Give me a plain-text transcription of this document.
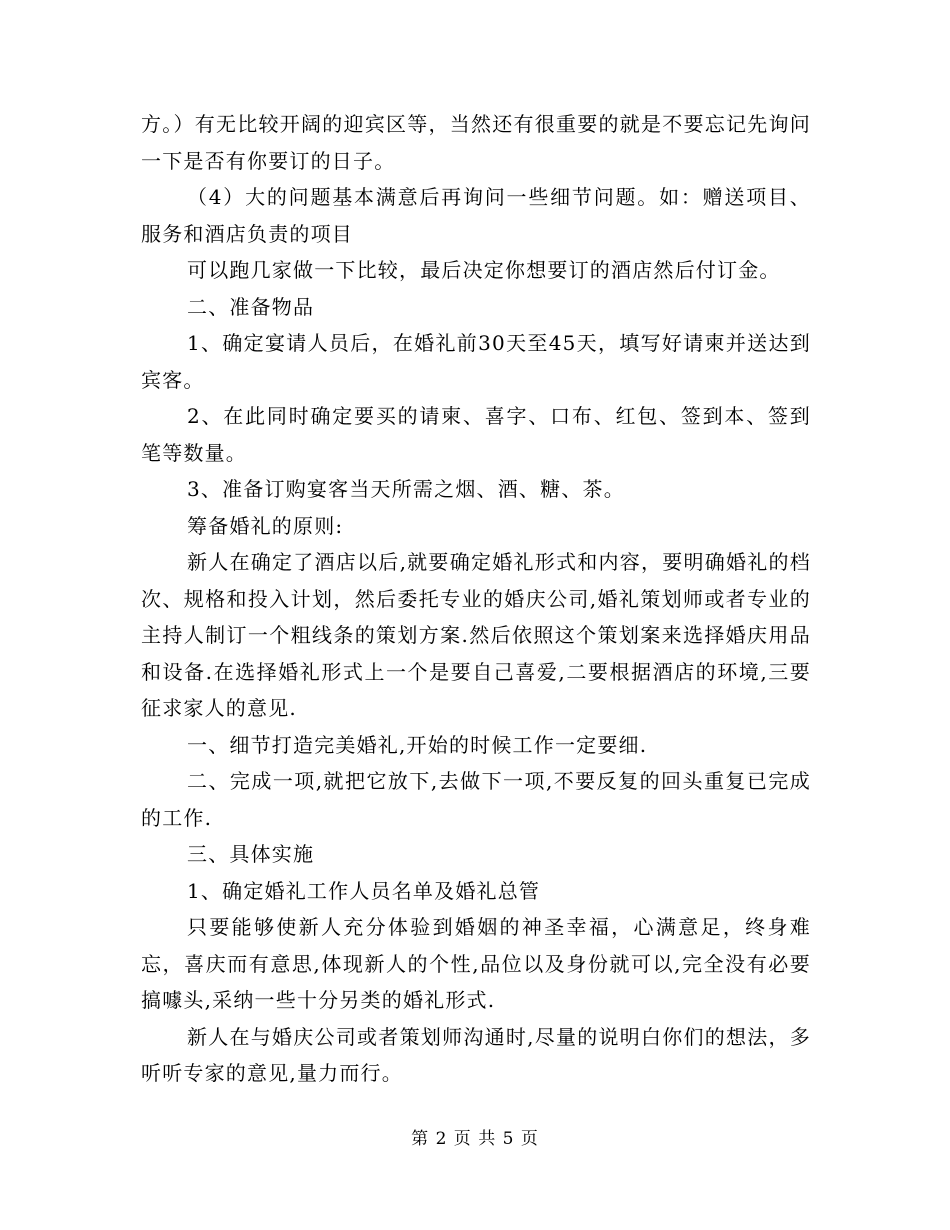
方。）有无比较开阔的迎宾区等，当然还有很重要的就是不要忘记先询问一下是否有你要订的日子。

（4）大的问题基本满意后再询问一些细节问题。如：赠送项目、服务和酒店负责的项目

可以跑几家做一下比较，最后决定你想要订的酒店然后付订金。

二、准备物品

1、确定宴请人员后，在婚礼前30天至45天，填写好请柬并送达到宾客。

2、在此同时确定要买的请柬、喜字、口布、红包、签到本、签到笔等数量。

3、准备订购宴客当天所需之烟、酒、糖、茶。

筹备婚礼的原则:

新人在确定了酒店以后,就要确定婚礼形式和内容，要明确婚礼的档次、规格和投入计划，然后委托专业的婚庆公司,婚礼策划师或者专业的主持人制订一个粗线条的策划方案.然后依照这个策划案来选择婚庆用品和设备.在选择婚礼形式上一个是要自己喜爱,二要根据酒店的环境,三要征求家人的意见.

一、细节打造完美婚礼,开始的时候工作一定要细.

二、完成一项,就把它放下,去做下一项,不要反复的回头重复已完成的工作.

三、具体实施

1、确定婚礼工作人员名单及婚礼总管

只要能够使新人充分体验到婚姻的神圣幸福，心满意足，终身难忘，喜庆而有意思,体现新人的个性,品位以及身份就可以,完全没有必要搞噱头,采纳一些十分另类的婚礼形式.

新人在与婚庆公司或者策划师沟通时,尽量的说明白你们的想法，多听听专家的意见,量力而行。

第 2 页 共 5 页
